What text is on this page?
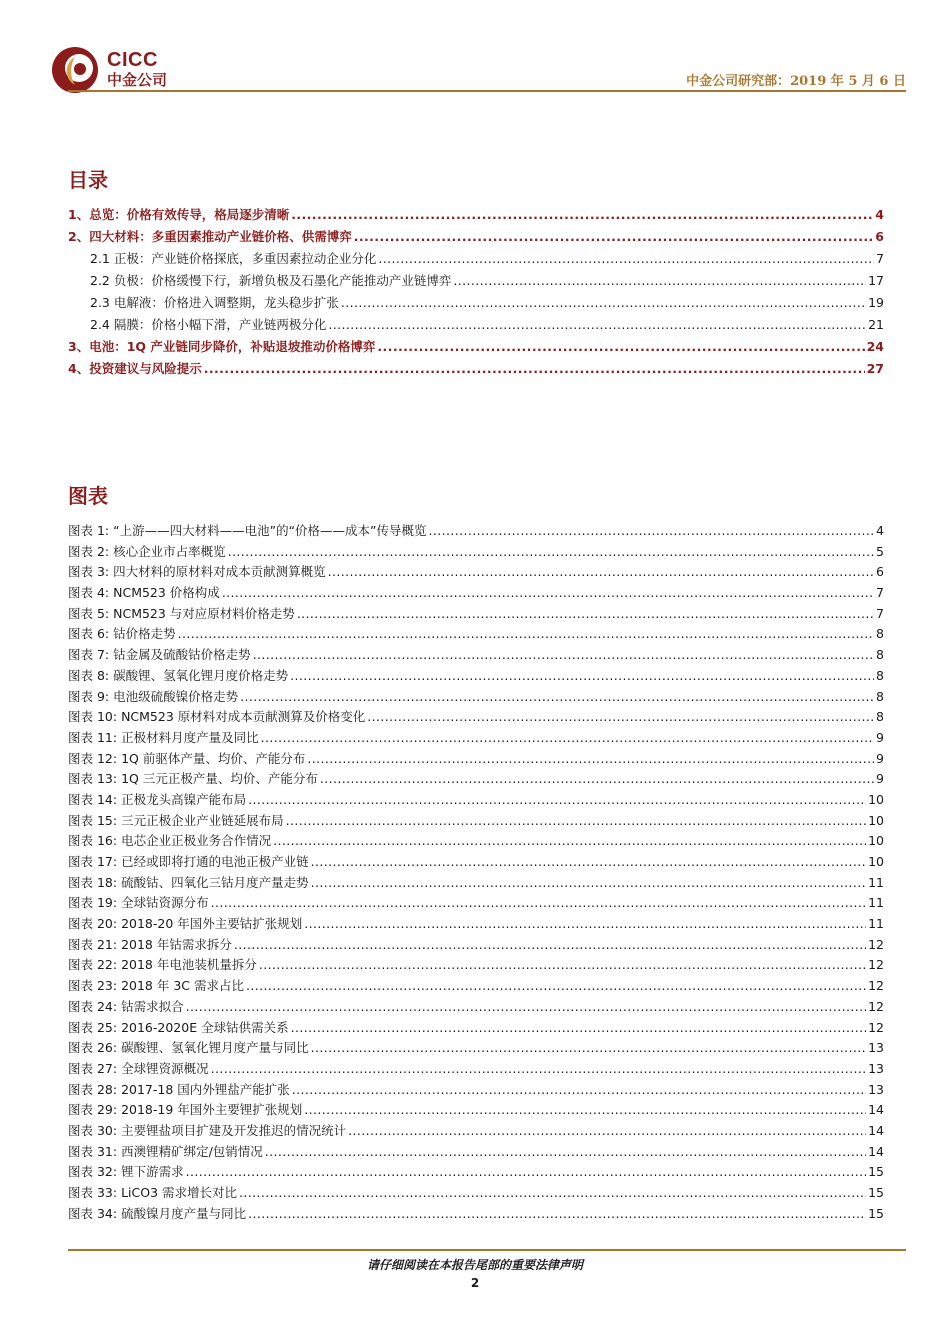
CICC
中金公司	中金公司研究部：2019 年 5 月 6 日
目录
1、总览：价格有效传导，格局逐步清晰 .....	4
2、四大材料：多重因素推动产业链价格、供需博弈 .....	6
2.1 正极：产业链价格探底，多重因素拉动企业分化 .....	7
2.2 负极：价格缓慢下行，新增负极及石墨化产能推动产业链博弈 .....	17
2.3 电解液：价格进入调整期，龙头稳步扩张 .....	19
2.4 隔膜：价格小幅下滑，产业链两极分化 .....	21
3、电池：1Q 产业链同步降价，补贴退坡推动价格博弈 .....	24
4、投资建议与风险提示 .....	27
图表
图表 1: “上游——四大材料——电池”的“价格——成本”传导概览 .....	4
图表 2: 核心企业市占率概览 .....	5
图表 3: 四大材料的原材料对成本贡献测算概览 .....	6
图表 4: NCM523 价格构成 .....	7
图表 5: NCM523 与对应原材料价格走势 .....	7
图表 6: 钴价格走势 .....	8
图表 7: 钴金属及硫酸钴价格走势 .....	8
图表 8: 碳酸锂、氢氧化锂月度价格走势 .....	8
图表 9: 电池级硫酸镍价格走势 .....	8
图表 10: NCM523 原材料对成本贡献测算及价格变化 .....	8
图表 11: 正极材料月度产量及同比 .....	9
图表 12: 1Q 前驱体产量、均价、产能分布 .....	9
图表 13: 1Q 三元正极产量、均价、产能分布 .....	9
图表 14: 正极龙头高镍产能布局 .....	10
图表 15: 三元正极企业产业链延展布局 .....	10
图表 16: 电芯企业正极业务合作情况 .....	10
图表 17: 已经或即将打通的电池正极产业链 .....	10
图表 18: 硫酸钴、四氧化三钴月度产量走势 .....	11
图表 19: 全球钴资源分布 .....	11
图表 20: 2018-20 年国外主要钴扩张规划 .....	11
图表 21: 2018 年钴需求拆分 .....	12
图表 22: 2018 年电池装机量拆分 .....	12
图表 23: 2018 年 3C 需求占比 .....	12
图表 24: 钴需求拟合 .....	12
图表 25: 2016-2020E 全球钴供需关系 .....	12
图表 26: 碳酸锂、氢氧化锂月度产量与同比 .....	13
图表 27: 全球锂资源概况 .....	13
图表 28: 2017-18 国内外锂盐产能扩张 .....	13
图表 29: 2018-19 年国外主要锂扩张规划 .....	14
图表 30: 主要锂盐项目扩建及开发推迟的情况统计 .....	14
图表 31: 西澳锂精矿绑定/包销情况 .....	14
图表 32: 锂下游需求 .....	15
图表 33: LiCO3 需求增长对比 .....	15
图表 34: 硫酸镍月度产量与同比 .....	15
请仔细阅读在本报告尾部的重要法律声明
2
